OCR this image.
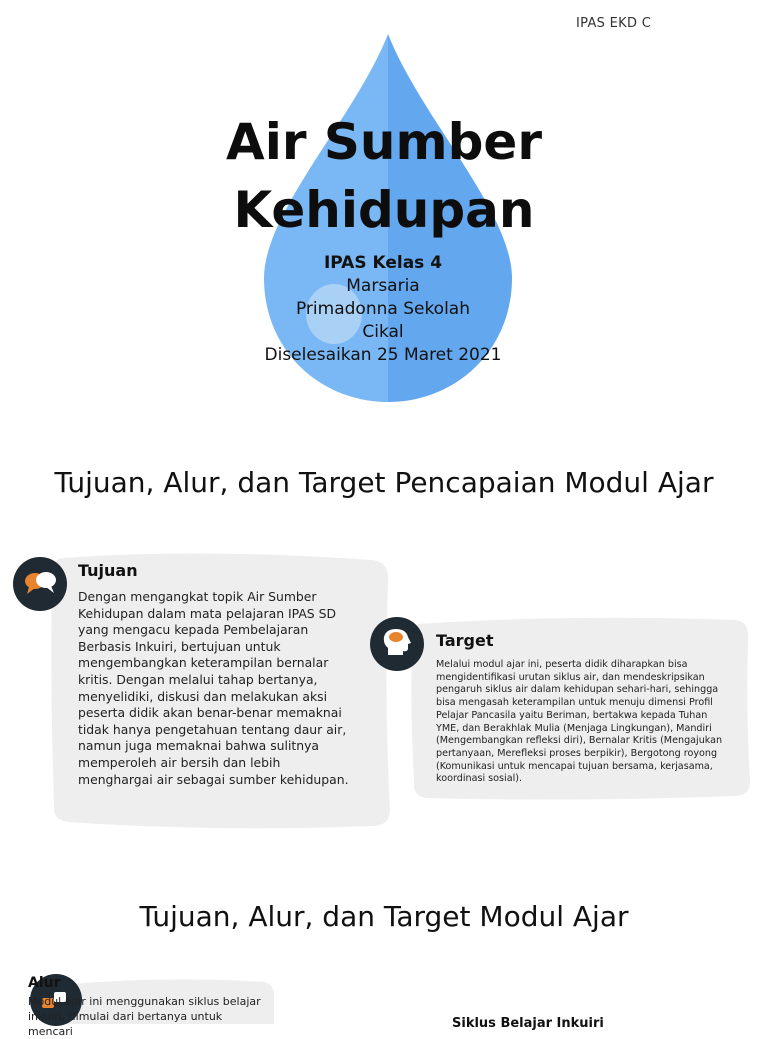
IPAS EKD C
Air Sumber
Kehidupan
IPAS Kelas 4
Marsaria
Primadonna Sekolah
Cikal
Diselesaikan 25 Maret 2021
Tujuan, Alur, dan Target Pencapaian Modul Ajar
Tujuan
Dengan mengangkat topik Air Sumber Kehidupan dalam mata pelajaran IPAS SD yang mengacu kepada Pembelajaran Berbasis Inkuiri, bertujuan untuk mengembangkan keterampilan bernalar kritis. Dengan melalui tahap bertanya, menyelidiki, diskusi dan melakukan aksi peserta didik akan benar-benar memaknai tidak hanya pengetahuan tentang daur air, namun juga memaknai bahwa sulitnya memperoleh air bersih dan lebih menghargai air sebagai sumber kehidupan.
Target
Melalui modul ajar ini, peserta didik diharapkan bisa mengidentifikasi urutan siklus air, dan mendeskripsikan pengaruh siklus air dalam kehidupan sehari-hari, sehingga bisa mengasah keterampilan untuk menuju dimensi Profil Pelajar Pancasila yaitu Beriman, bertakwa kepada Tuhan YME, dan Berakhlak Mulia (Menjaga Lingkungan), Mandiri (Mengembangkan refleksi diri), Bernalar Kritis (Mengajukan pertanyaan, Merefleksi proses berpikir), Bergotong royong (Komunikasi untuk mencapai tujuan bersama, kerjasama, koordinasi sosial).
Tujuan, Alur, dan Target Modul Ajar
Alur
Modul ajar ini menggunakan siklus belajar inkuiri, dimulai dari bertanya untuk mencari
Siklus Belajar Inkuiri
